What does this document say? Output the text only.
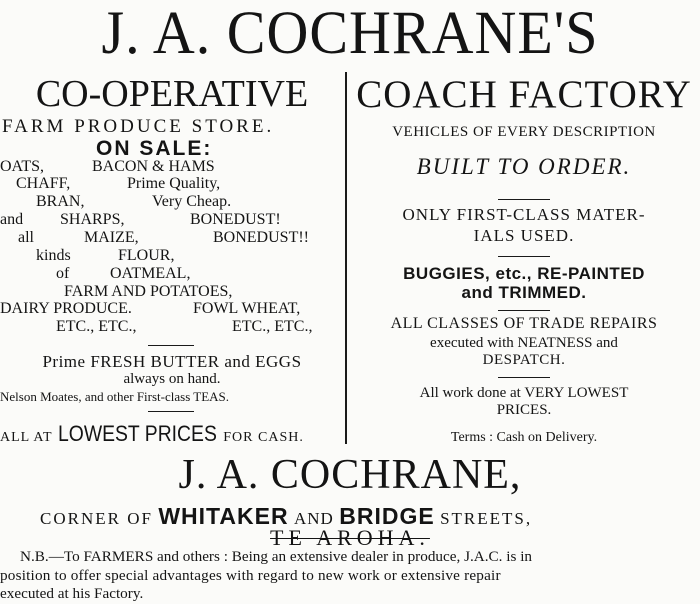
J. A. COCHRANE'S
CO-OPERATIVE
FARM PRODUCE STORE.
ON SALE:
OATS,	BACON & HAMS
CHAFF,	Prime Quality,
BRAN,	Very Cheap.
and SHARPS,	BONEDUST!
all	MAIZE,	BONEDUST!!
kinds	FLOUR,
of	OATMEAL,
FARM AND POTATOES,
DAIRY PRODUCE.	FOWL WHEAT,
ETC., ETC.,	ETC., ETC.,
Prime FRESH BUTTER and EGGS
always on hand.
Nelson Moates, and other First-class TEAS.
ALL AT LOWEST PRICES FOR CASH.
COACH FACTORY
VEHICLES OF EVERY DESCRIPTION
BUILT TO ORDER.
ONLY FIRST-CLASS MATER-
IALS USED.
BUGGIES, etc., RE-PAINTED
and TRIMMED.
ALL CLASSES OF TRADE REPAIRS
executed with NEATNESS and
DESPATCH.
All work done at VERY LOWEST
PRICES.
Terms : Cash on Delivery.
J. A. COCHRANE,
CORNER OF WHITAKER AND BRIDGE STREETS,
TE AROHA.
N.B.—To FARMERS and others : Being an extensive dealer in produce, J.A.C. is in
position to offer special advantages with regard to new work or extensive repair
executed at his Factory.
